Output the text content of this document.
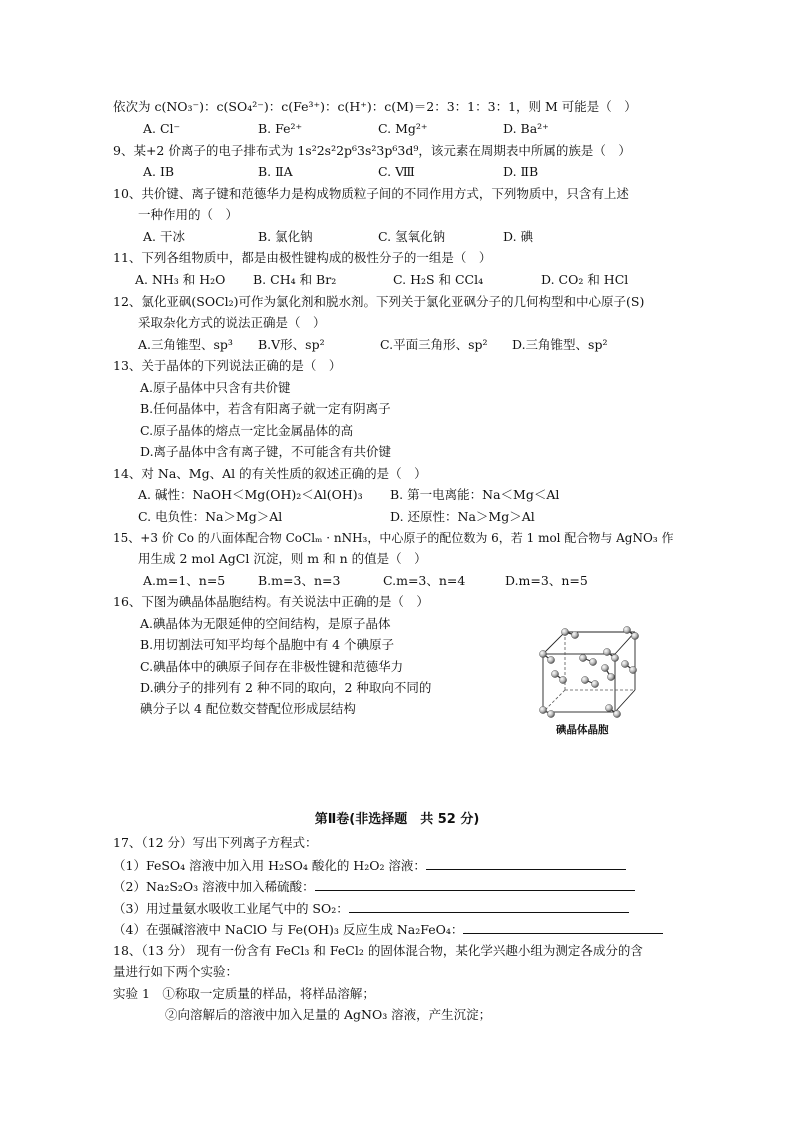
依次为 c(NO₃⁻)：c(SO₄²⁻)：c(Fe³⁺)：c(H⁺)：c(M)＝2：3：1：3：1，则 M 可能是（　）
A. Cl⁻	B. Fe²⁺	C. Mg²⁺	D. Ba²⁺
9、某+2 价离子的电子排布式为 1s²2s²2p⁶3s²3p⁶3d⁹，该元素在周期表中所属的族是（　）
A. ⅠB	B. ⅡA	C. Ⅷ	D. ⅡB
10、共价键、离子键和范德华力是构成物质粒子间的不同作用方式，下列物质中，只含有上述
一种作用的（　）
A. 干冰	B. 氯化钠	C. 氢氧化钠	D. 碘
11、下列各组物质中，都是由极性键构成的极性分子的一组是（　）
A. NH₃ 和 H₂O B. CH₄ 和 Br₂	C. H₂S 和 CCl₄	D. CO₂ 和 HCl
12、氯化亚砜(SOCl₂)可作为氯化剂和脱水剂。下列关于氯化亚砜分子的几何构型和中心原子(S)
采取杂化方式的说法正确是（　）
A.三角锥型、sp³ B.V形、sp²	C.平面三角形、sp² D.三角锥型、sp²
13、关于晶体的下列说法正确的是（　）
A.原子晶体中只含有共价键
B.任何晶体中，若含有阳离子就一定有阴离子
C.原子晶体的熔点一定比金属晶体的高
D.离子晶体中含有离子键，不可能含有共价键
14、对 Na、Mg、Al 的有关性质的叙述正确的是（　）
A. 碱性：NaOH＜Mg(OH)₂＜Al(OH)₃ B. 第一电离能：Na＜Mg＜Al
C. 电负性：Na＞Mg＞Al	D. 还原性：Na＞Mg＞Al
15、+3 价 Co 的八面体配合物 CoClₘ · nNH₃，中心原子的配位数为 6，若 1 mol 配合物与 AgNO₃ 作
用生成 2 mol AgCl 沉淀，则 m 和 n 的值是（　）
A.m=1、n=5	B.m=3、n=3	C.m=3、n=4	D.m=3、n=5
16、下图为碘晶体晶胞结构。有关说法中正确的是（　）
A.碘晶体为无限延伸的空间结构，是原子晶体
B.用切割法可知平均每个晶胞中有 4 个碘原子
C.碘晶体中的碘原子间存在非极性键和范德华力
D.碘分子的排列有 2 种不同的取向，2 种取向不同的
碘分子以 4 配位数交替配位形成层结构
碘晶体晶胞
第Ⅱ卷(非选择题　共 52 分)
17、（12 分）写出下列离子方程式：
（1）FeSO₄ 溶液中加入用 H₂SO₄ 酸化的 H₂O₂ 溶液：
（2）Na₂S₂O₃ 溶液中加入稀硫酸：
（3）用过量氨水吸收工业尾气中的 SO₂：
（4）在强碱溶液中 NaClO 与 Fe(OH)₃ 反应生成 Na₂FeO₄：
18、（13 分） 现有一份含有 FeCl₃ 和 FeCl₂ 的固体混合物，某化学兴趣小组为测定各成分的含
量进行如下两个实验：
实验 1　①称取一定质量的样品，将样品溶解；
②向溶解后的溶液中加入足量的 AgNO₃ 溶液，产生沉淀；
